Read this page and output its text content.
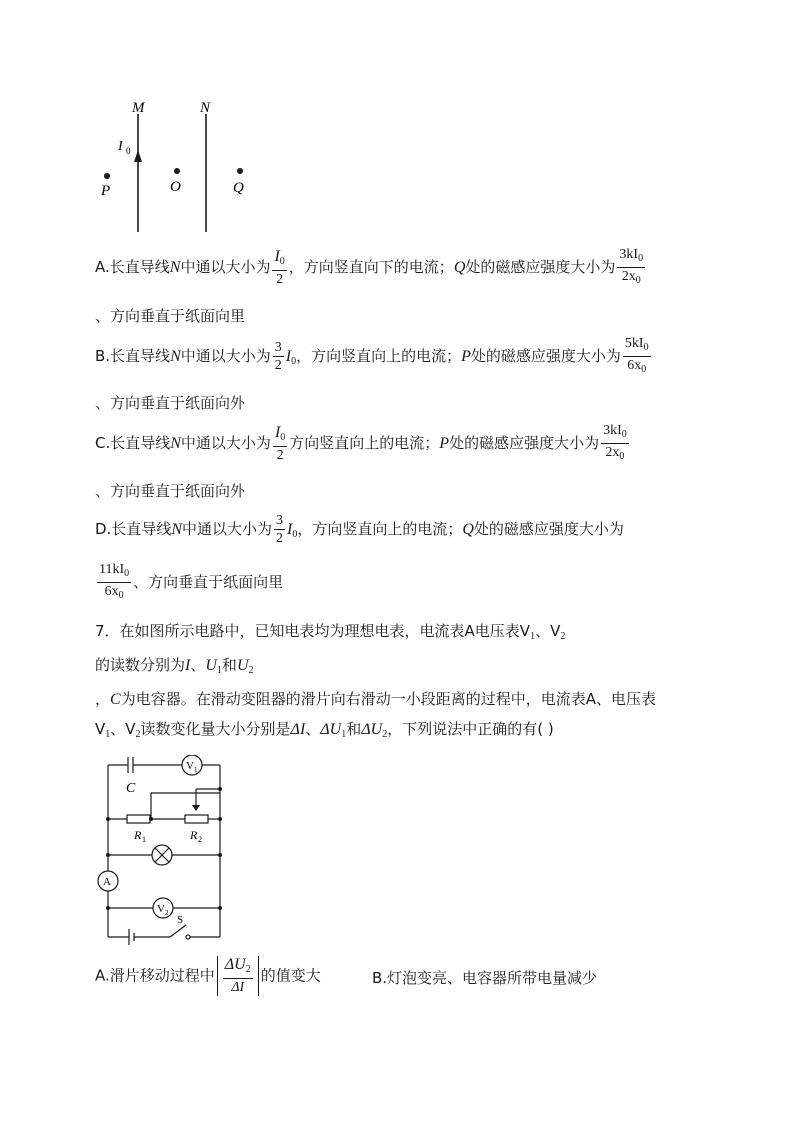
M	N
I 0
P	O	Q
A.长直导线N中通以大小为 $\frac{I_0}{2}$ ，方向竖直向下的电流；Q处的磁感应强度大小为 $\frac{3kI_0}{2x_0}$
、方向垂直于纸面向里
B.长直导线N中通以大小为 $\frac{3}{2} I_0$，方向竖直向上的电流；P处的磁感应强度大小为 $\frac{5kI_0}{6x_0}$
、方向垂直于纸面向外
C.长直导线N中通以大小为 $\frac{I_0}{2}$ 方向竖直向上的电流；P处的磁感应强度大小为 $\frac{3kI_0}{2x_0}$
、方向垂直于纸面向外
D.长直导线N中通以大小为 $\frac{3}{2} I_0$，方向竖直向上的电流；Q处的磁感应强度大小为
$\frac{11kI_0}{6x_0}$ 、方向垂直于纸面向里
7．在如图所示电路中，已知电表均为理想电表，电流表A电压表$V_1$、$V_2$
的读数分别为I、$U_1$和$U_2$
，C为电容器。在滑动变阻器的滑片向右滑动一小段距离的过程中，电流表A、电压表
$V_1$、$V_2$读数变化量大小分别是ΔI、$\Delta U_1$和$\Delta U_2$，下列说法中正确的有( )
C
R 1	R 2
V 1
A
V 2
S
A.滑片移动过程中 $\frac{\Delta U_2}{\Delta I}$ 的值变大	B.灯泡变亮、电容器所带电量减少
